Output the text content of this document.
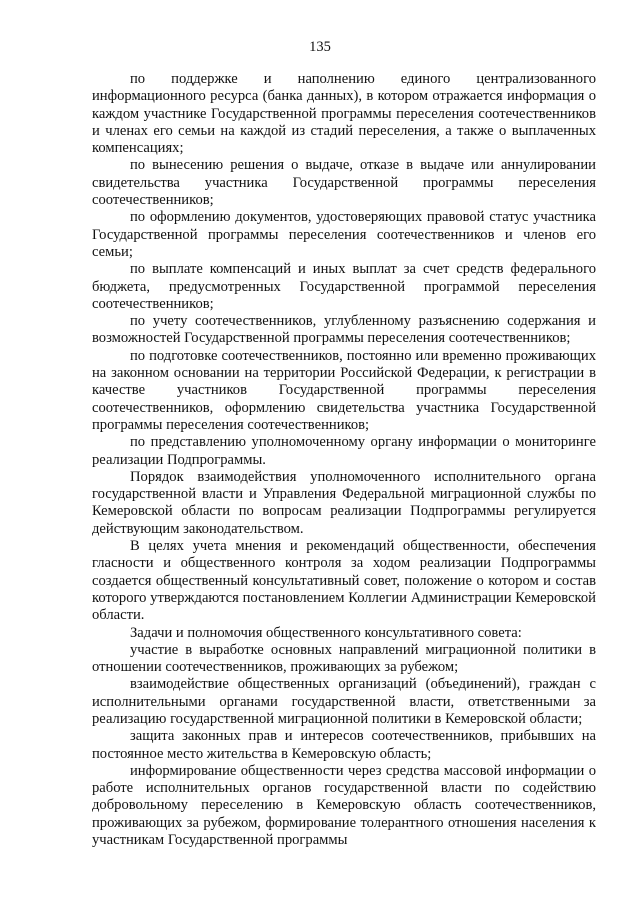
135

по поддержке и наполнению единого централизованного информационного ресурса (банка данных), в котором отражается информация о каждом участнике Государственной программы переселения соотечественников и членах его семьи на каждой из стадий переселения, а также о выплаченных компенсациях;

по вынесению решения о выдаче, отказе в выдаче или аннулировании свидетельства участника Государственной программы переселения соотечественников;

по оформлению документов, удостоверяющих правовой статус участника Государственной программы переселения соотечественников и членов его семьи;

по выплате компенсаций и иных выплат за счет средств федерального бюджета, предусмотренных Государственной программой переселения соотечественников;

по учету соотечественников, углубленному разъяснению содержания и возможностей Государственной программы переселения соотечественников;

по подготовке соотечественников, постоянно или временно проживающих на законном основании на территории Российской Федерации, к регистрации в качестве участников Государственной программы переселения соотечественников, оформлению свидетельства участника Государственной программы переселения соотечественников;

по представлению уполномоченному органу информации о мониторинге реализации Подпрограммы.

Порядок взаимодействия уполномоченного исполнительного органа государственной власти и Управления Федеральной миграционной службы по Кемеровской области по вопросам реализации Подпрограммы регулируется действующим законодательством.

В целях учета мнения и рекомендаций общественности, обеспечения гласности и общественного контроля за ходом реализации Подпрограммы создается общественный консультативный совет, положение о котором и состав которого утверждаются постановлением Коллегии Администрации Кемеровской области.

Задачи и полномочия общественного консультативного совета:

участие в выработке основных направлений миграционной политики в отношении соотечественников, проживающих за рубежом;

взаимодействие общественных организаций (объединений), граждан с исполнительными органами государственной власти, ответственными за реализацию государственной миграционной политики в Кемеровской области;

защита законных прав и интересов соотечественников, прибывших на постоянное место жительства в Кемеровскую область;

информирование общественности через средства массовой информации о работе исполнительных органов государственной власти по содействию добровольному переселению в Кемеровскую область соотечественников, проживающих за рубежом, формирование толерантного отношения населения к участникам Государственной программы
